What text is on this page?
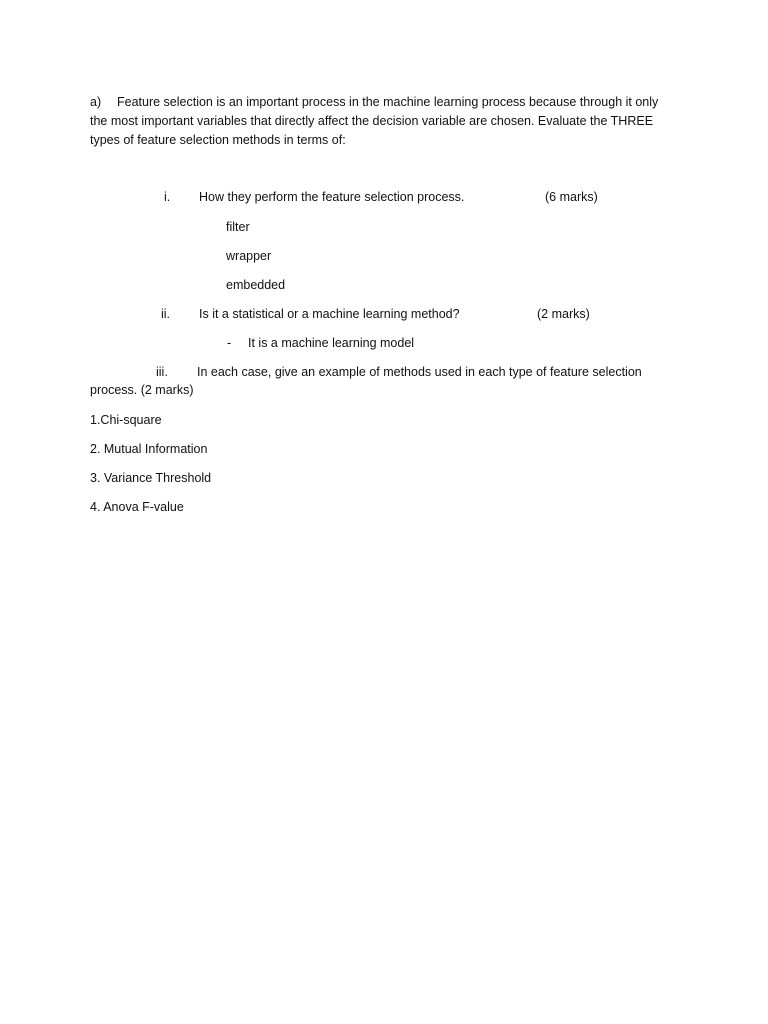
a) Feature selection is an important process in the machine learning process because through it only
the most important variables that directly affect the decision variable are chosen. Evaluate the THREE
types of feature selection methods in terms of:
i. How they perform the feature selection process.	(6 marks)
filter
wrapper
embedded
ii. Is it a statistical or a machine learning method?	(2 marks)
- It is a machine learning model
iii. In each case, give an example of methods used in each type of feature selection
process. (2 marks)
1.Chi-square
2. Mutual Information
3. Variance Threshold
4. Anova F-value
